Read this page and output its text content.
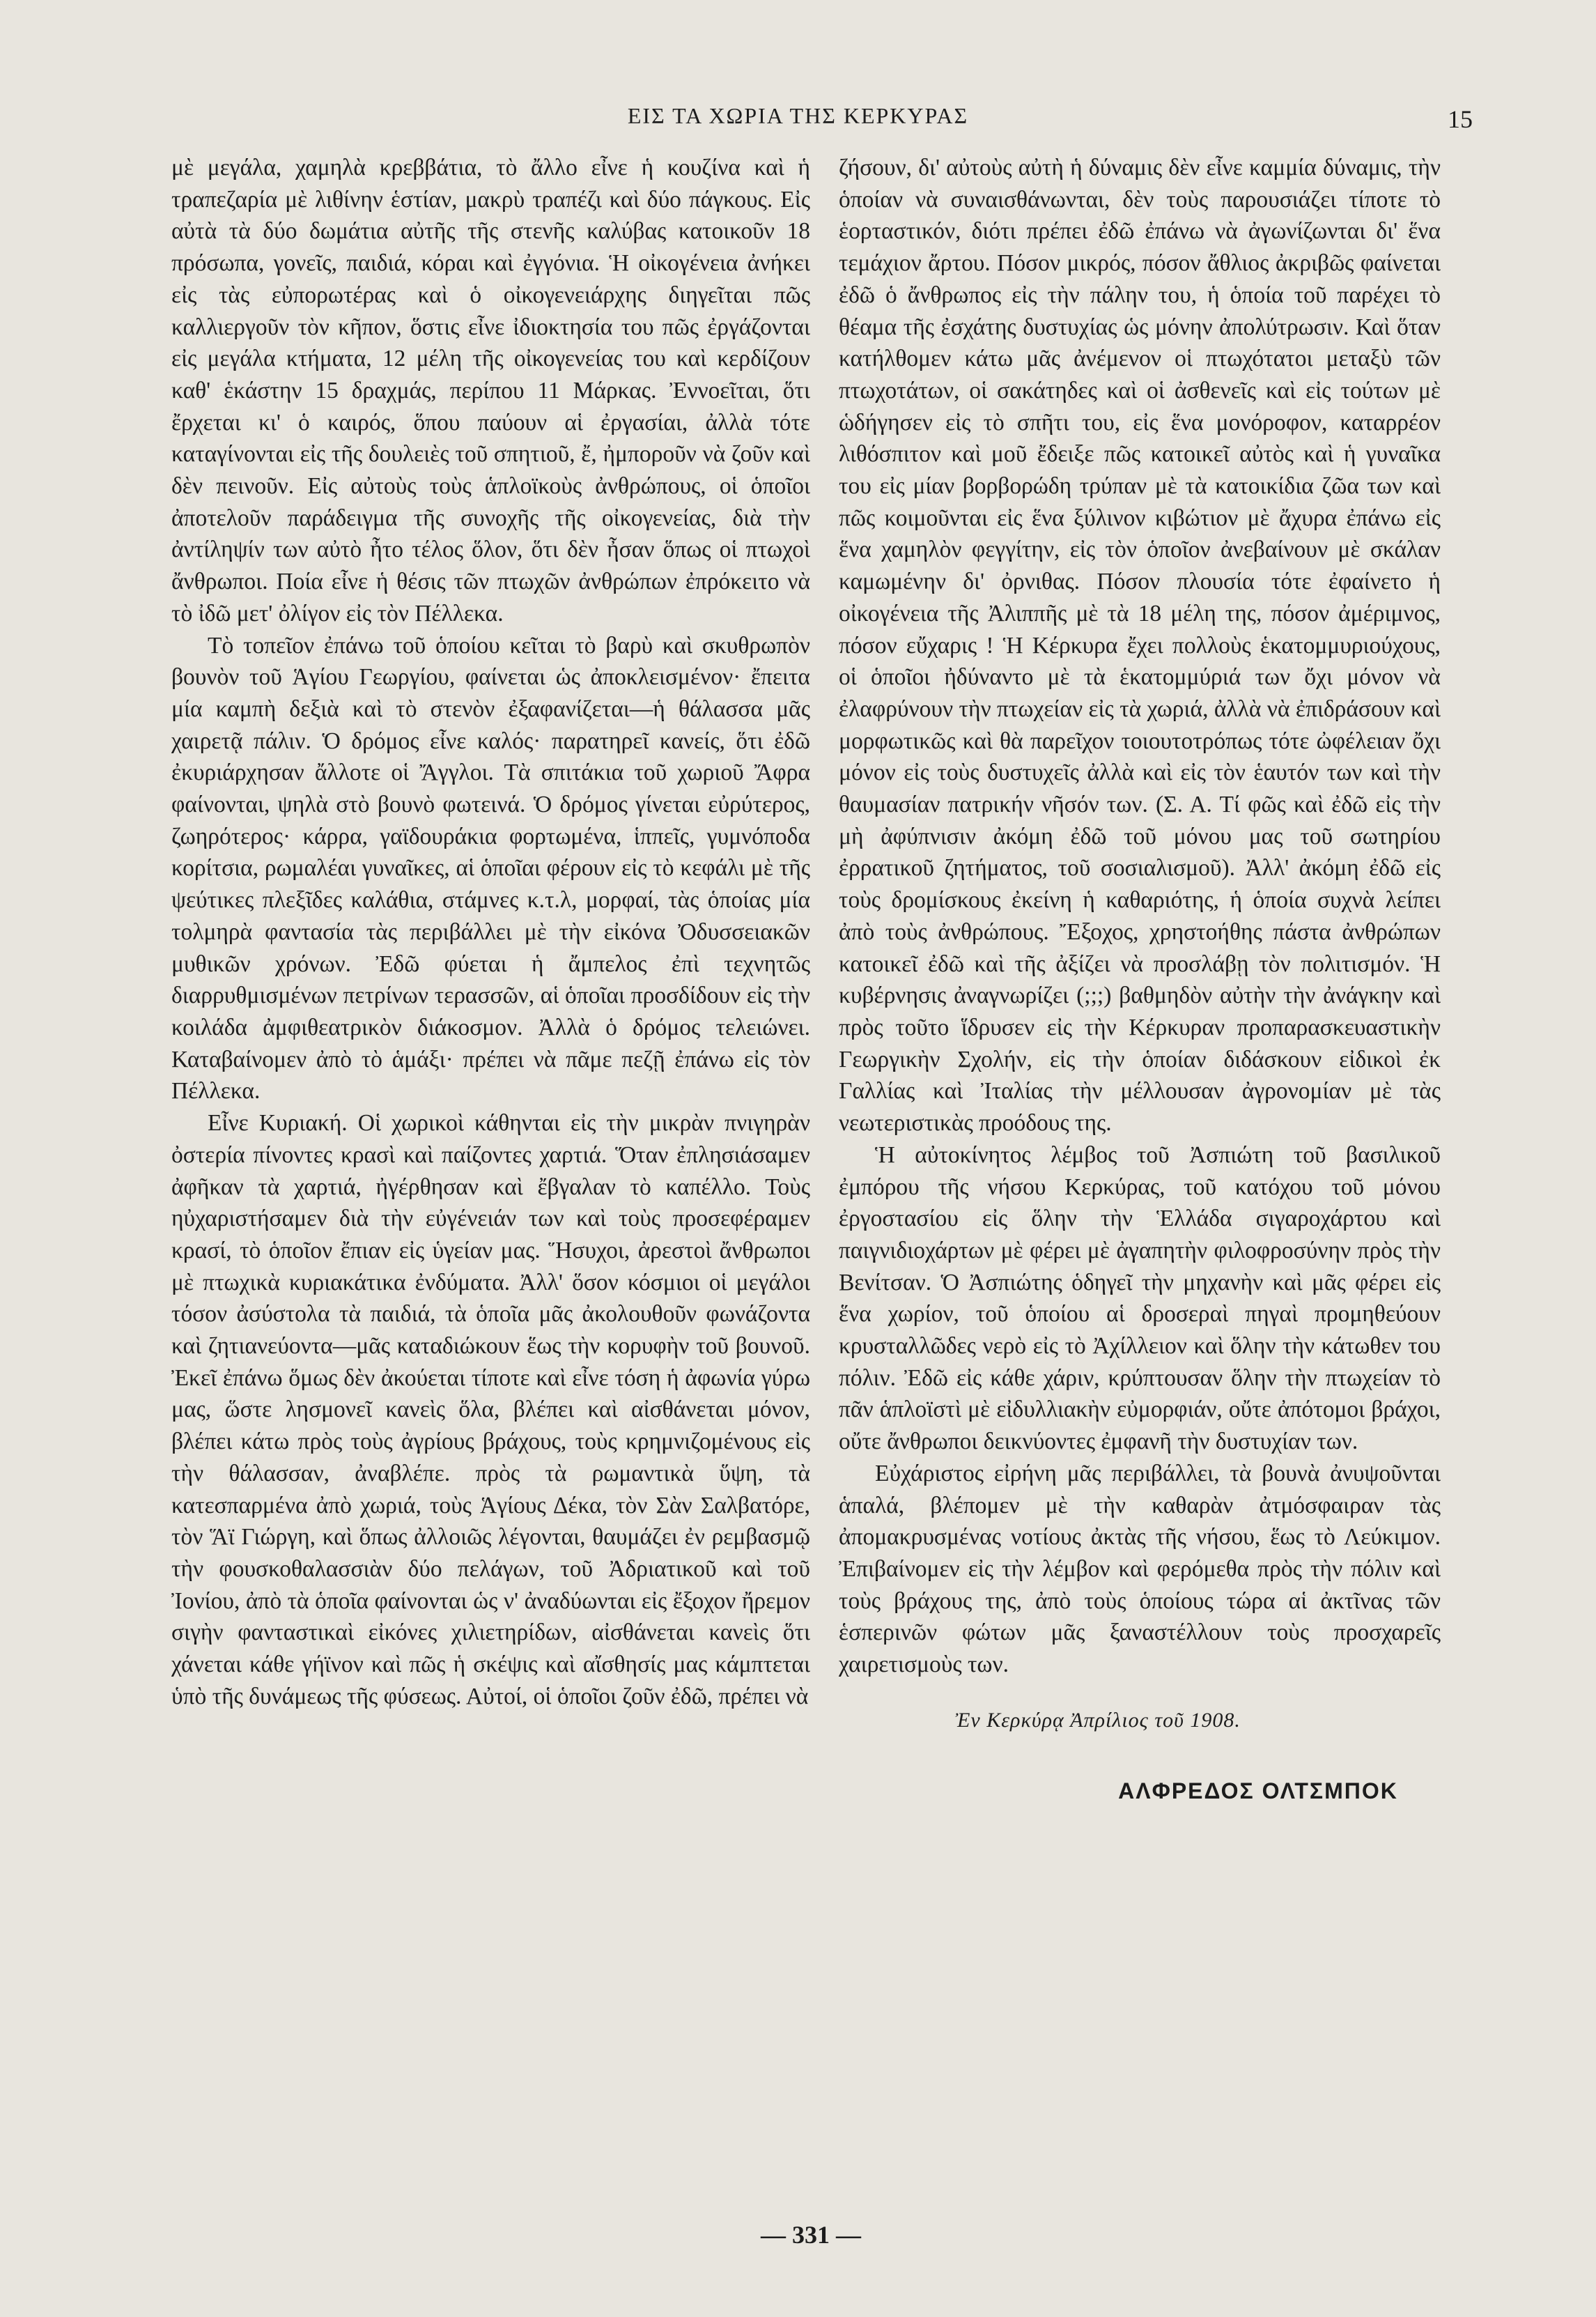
ΕΙΣ ΤΑ ΧΩΡΙΑ ΤΗΣ ΚΕΡΚΥΡΑΣ	15

μὲ μεγάλα, χαμηλὰ κρεββάτια, τὸ ἄλλο εἶνε ἡ κουζίνα καὶ ἡ τραπεζαρία μὲ λιθίνην ἑστίαν, μακρὺ τραπέζι καὶ δύο πάγκους. Εἰς αὐτὰ τὰ δύο δωμάτια αὐτῆς τῆς στενῆς καλύβας κατοικοῦν 18 πρόσωπα, γονεῖς, παιδιά, κόραι καὶ ἐγγόνια. Ἡ οἰκογένεια ἀνήκει εἰς τὰς εὐπορωτέρας καὶ ὁ οἰκογενειάρχης διηγεῖται πῶς καλλιεργοῦν τὸν κῆπον, ὅστις εἶνε ἰδιοκτησία του πῶς ἐργάζονται εἰς μεγάλα κτήματα, 12 μέλη τῆς οἰκογενείας του καὶ κερδίζουν καθ' ἑκάστην 15 δραχμάς, περίπου 11 Μάρκας. Ἐννοεῖται, ὅτι ἔρχεται κι' ὁ καιρός, ὅπου παύουν αἱ ἐργασίαι, ἀλλὰ τότε καταγίνονται εἰς τῆς δουλειὲς τοῦ σπητιοῦ, ἔ, ἠμποροῦν νὰ ζοῦν καὶ δὲν πεινοῦν. Εἰς αὐτοὺς τοὺς ἁπλοϊκοὺς ἀνθρώπους, οἱ ὁποῖοι ἀποτελοῦν παράδειγμα τῆς συνοχῆς τῆς οἰκογενείας, διὰ τὴν ἀντίληψίν των αὐτὸ ἦτο τέλος ὅλον, ὅτι δὲν ἦσαν ὅπως οἱ πτωχοὶ ἄνθρωποι. Ποία εἶνε ἡ θέσις τῶν πτωχῶν ἀνθρώπων ἐπρόκειτο νὰ τὸ ἰδῶ μετ' ὀλίγον εἰς τὸν Πέλλεκα.

Τὸ τοπεῖον ἐπάνω τοῦ ὁποίου κεῖται τὸ βαρὺ καὶ σκυθρωπὸν βουνὸν τοῦ Ἁγίου Γεωργίου, φαίνεται ὡς ἀποκλεισμένον· ἔπειτα μία καμπὴ δεξιὰ καὶ τὸ στενὸν ἐξαφανίζεται—ἡ θάλασσα μᾶς χαιρετᾷ πάλιν. Ὁ δρόμος εἶνε καλός· παρατηρεῖ κανείς, ὅτι ἐδῶ ἐκυριάρχησαν ἄλλοτε οἱ Ἄγγλοι. Τὰ σπιτάκια τοῦ χωριοῦ Ἄφρα φαίνονται, ψηλὰ στὸ βουνὸ φωτεινά. Ὁ δρόμος γίνεται εὐρύτερος, ζωηρότερος· κάρρα, γαϊδουράκια φορτωμένα, ἱππεῖς, γυμνόποδα κορίτσια, ρωμαλέαι γυναῖκες, αἱ ὁποῖαι φέρουν εἰς τὸ κεφάλι μὲ τῆς ψεύτικες πλεξῖδες καλάθια, στάμνες κ.τ.λ, μορφαί, τὰς ὁποίας μία τολμηρὰ φαντασία τὰς περιβάλλει μὲ τὴν εἰκόνα Ὀδυσσειακῶν μυθικῶν χρόνων. Ἐδῶ φύεται ἡ ἄμπελος ἐπὶ τεχνητῶς διαρρυθμισμένων πετρίνων τερασσῶν, αἱ ὁποῖαι προσδίδουν εἰς τὴν κοιλάδα ἀμφιθεατρικὸν διάκοσμον. Ἀλλὰ ὁ δρόμος τελειώνει. Καταβαίνομεν ἀπὸ τὸ ἁμάξι· πρέπει νὰ πᾶμε πεζῇ ἐπάνω εἰς τὸν Πέλλεκα.

Εἶνε Κυριακή. Οἱ χωρικοὶ κάθηνται εἰς τὴν μικρὰν πνιγηρὰν ὀστερία πίνοντες κρασὶ καὶ παίζοντες χαρτιά. Ὅταν ἐπλησιάσαμεν ἀφῆκαν τὰ χαρτιά, ἠγέρθησαν καὶ ἔβγαλαν τὸ καπέλλο. Τοὺς ηὐχαριστήσαμεν διὰ τὴν εὐγένειάν των καὶ τοὺς προσεφέραμεν κρασί, τὸ ὁποῖον ἔπιαν εἰς ὑγείαν μας. Ἥσυχοι, ἀρεστοὶ ἄνθρωποι μὲ πτωχικὰ κυριακάτικα ἐνδύματα. Ἀλλ' ὅσον κόσμιοι οἱ μεγάλοι τόσον ἀσύστολα τὰ παιδιά, τὰ ὁποῖα μᾶς ἀκολουθοῦν φωνάζοντα καὶ ζητιανεύοντα—μᾶς καταδιώκουν ἕως τὴν κορυφὴν τοῦ βουνοῦ. Ἐκεῖ ἐπάνω ὅμως δὲν ἀκούεται τίποτε καὶ εἶνε τόση ἡ ἀφωνία γύρω μας, ὥστε λησμονεῖ κανεὶς ὅλα, βλέπει καὶ αἰσθάνεται μόνον, βλέπει κάτω πρὸς τοὺς ἀγρίους βράχους, τοὺς κρημνιζομένους εἰς τὴν θάλασσαν, ἀναβλέπε. πρὸς τὰ ρωμαντικὰ ὕψη, τὰ κατεσπαρμένα ἀπὸ χωριά, τοὺς Ἁγίους Δέκα, τὸν Σὰν Σαλβατόρε, τὸν Ἅϊ Γιώργη, καὶ ὅπως ἀλλοιῶς λέγονται, θαυμάζει ἐν ρεμβασμῷ τὴν φουσκοθαλασσιὰν δύο πελάγων, τοῦ Ἀδριατικοῦ καὶ τοῦ Ἰονίου, ἀπὸ τὰ ὁποῖα φαίνονται ὡς ν' ἀναδύωνται εἰς ἔξοχον ἤρεμον σιγὴν φανταστικαὶ εἰκόνες χιλιετηρίδων, αἰσθάνεται κανεὶς ὅτι χάνεται κάθε γήϊνον καὶ πῶς ἡ σκέψις καὶ αἴσθησίς μας κάμπτεται ὑπὸ τῆς δυνάμεως τῆς φύσεως. Αὐτοί, οἱ ὁποῖοι ζοῦν ἐδῶ, πρέπει νὰ

ζήσουν, δι' αὐτοὺς αὐτὴ ἡ δύναμις δὲν εἶνε καμμία δύναμις, τὴν ὁποίαν νὰ συναισθάνωνται, δὲν τοὺς παρουσιάζει τίποτε τὸ ἑορταστικόν, διότι πρέπει ἐδῶ ἐπάνω νὰ ἀγωνίζωνται δι' ἕνα τεμάχιον ἄρτου. Πόσον μικρός, πόσον ἄθλιος ἀκριβῶς φαίνεται ἐδῶ ὁ ἄνθρωπος εἰς τὴν πάλην του, ἡ ὁποία τοῦ παρέχει τὸ θέαμα τῆς ἐσχάτης δυστυχίας ὡς μόνην ἀπολύτρωσιν. Καὶ ὅταν κατήλθομεν κάτω μᾶς ἀνέμενον οἱ πτωχότατοι μεταξὺ τῶν πτωχοτάτων, οἱ σακάτηδες καὶ οἱ ἀσθενεῖς καὶ εἰς τούτων μὲ ὡδήγησεν εἰς τὸ σπῆτι του, εἰς ἕνα μονόροφον, καταρρέον λιθόσπιτον καὶ μοῦ ἔδειξε πῶς κατοικεῖ αὐτὸς καὶ ἡ γυναῖκα του εἰς μίαν βορβορώδη τρύπαν μὲ τὰ κατοικίδια ζῶα των καὶ πῶς κοιμοῦνται εἰς ἕνα ξύλινον κιβώτιον μὲ ἄχυρα ἐπάνω εἰς ἕνα χαμηλὸν φεγγίτην, εἰς τὸν ὁποῖον ἀνεβαίνουν μὲ σκάλαν καμωμένην δι' ὀρνιθας. Πόσον πλουσία τότε ἐφαίνετο ἡ οἰκογένεια τῆς Ἀλιππῆς μὲ τὰ 18 μέλη της, πόσον ἀμέριμνος, πόσον εὔχαρις ! Ἡ Κέρκυρα ἔχει πολλοὺς ἑκατομμυριούχους, οἱ ὁποῖοι ἠδύναντο μὲ τὰ ἑκατομμύριά των ὄχι μόνον νὰ ἐλαφρύνουν τὴν πτωχείαν εἰς τὰ χωριά, ἀλλὰ νὰ ἐπιδράσουν καὶ μορφωτικῶς καὶ θὰ παρεῖχον τοιουτοτρόπως τότε ὠφέλειαν ὄχι μόνον εἰς τοὺς δυστυχεῖς ἀλλὰ καὶ εἰς τὸν ἑαυτόν των καὶ τὴν θαυμασίαν πατρικήν νῆσόν των. (Σ. Α. Τί φῶς καὶ ἐδῶ εἰς τὴν μὴ ἀφύπνισιν ἀκόμη ἐδῶ τοῦ μόνου μας τοῦ σωτηρίου ἐρρατικοῦ ζητήματος, τοῦ σοσιαλισμοῦ). Ἀλλ' ἀκόμη ἐδῶ εἰς τοὺς δρομίσκους ἐκείνη ἡ καθαριότης, ἡ ὁποία συχνὰ λείπει ἀπὸ τοὺς ἀνθρώπους. Ἔξοχος, χρηστοήθης πάστα ἀνθρώπων κατοικεῖ ἐδῶ καὶ τῆς ἀξίζει νὰ προσλάβῃ τὸν πολιτισμόν. Ἡ κυβέρνησις ἀναγνωρίζει (;;;) βαθμηδὸν αὐτὴν τὴν ἀνάγκην καὶ πρὸς τοῦτο ἵδρυσεν εἰς τὴν Κέρκυραν προπαρασκευαστικὴν Γεωργικὴν Σχολήν, εἰς τὴν ὁποίαν διδάσκουν εἰδικοὶ ἐκ Γαλλίας καὶ Ἰταλίας τὴν μέλλουσαν ἀγρονομίαν μὲ τὰς νεωτεριστικὰς προόδους της.

Ἡ αὐτοκίνητος λέμβος τοῦ Ἀσπιώτη τοῦ βασιλικοῦ ἐμπόρου τῆς νήσου Κερκύρας, τοῦ κατόχου τοῦ μόνου ἐργοστασίου εἰς ὅλην τὴν Ἑλλάδα σιγαροχάρτου καὶ παιγνιδιοχάρτων μὲ φέρει μὲ ἀγαπητὴν φιλοφροσύνην πρὸς τὴν Βενίτσαν. Ὁ Ἀσπιώτης ὁδηγεῖ τὴν μηχανὴν καὶ μᾶς φέρει εἰς ἕνα χωρίον, τοῦ ὁποίου αἱ δροσεραὶ πηγαὶ προμηθεύουν κρυσταλλῶδες νερὸ εἰς τὸ Ἀχίλλειον καὶ ὅλην τὴν κάτωθεν του πόλιν. Ἐδῶ εἰς κάθε χάριν, κρύπτουσαν ὅλην τὴν πτωχείαν τὸ πᾶν ἁπλοϊστὶ μὲ εἰδυλλιακὴν εὐμορφιάν, οὔτε ἀπότομοι βράχοι, οὔτε ἄνθρωποι δεικνύοντες ἐμφανῆ τὴν δυστυχίαν των.

Εὐχάριστος εἰρήνη μᾶς περιβάλλει, τὰ βουνὰ ἀνυψοῦνται ἁπαλά, βλέπομεν μὲ τὴν καθαρὰν ἀτμόσφαιραν τὰς ἀπομακρυσμένας νοτίους ἀκτὰς τῆς νήσου, ἕως τὸ Λεύκιμον. Ἐπιβαίνομεν εἰς τὴν λέμβον καὶ φερόμεθα πρὸς τὴν πόλιν καὶ τοὺς βράχους της, ἀπὸ τοὺς ὁποίους τώρα αἱ ἀκτῖνας τῶν ἑσπερινῶν φώτων μᾶς ξαναστέλλουν τοὺς προσχαρεῖς χαιρετισμοὺς των.

— 331 —
Ἐν Κερκύρᾳ Ἀπρίλιος τοῦ 1908.
ΑΛΦΡΕΔΟΣ ΟΛΤΣΜΠΟΚ
